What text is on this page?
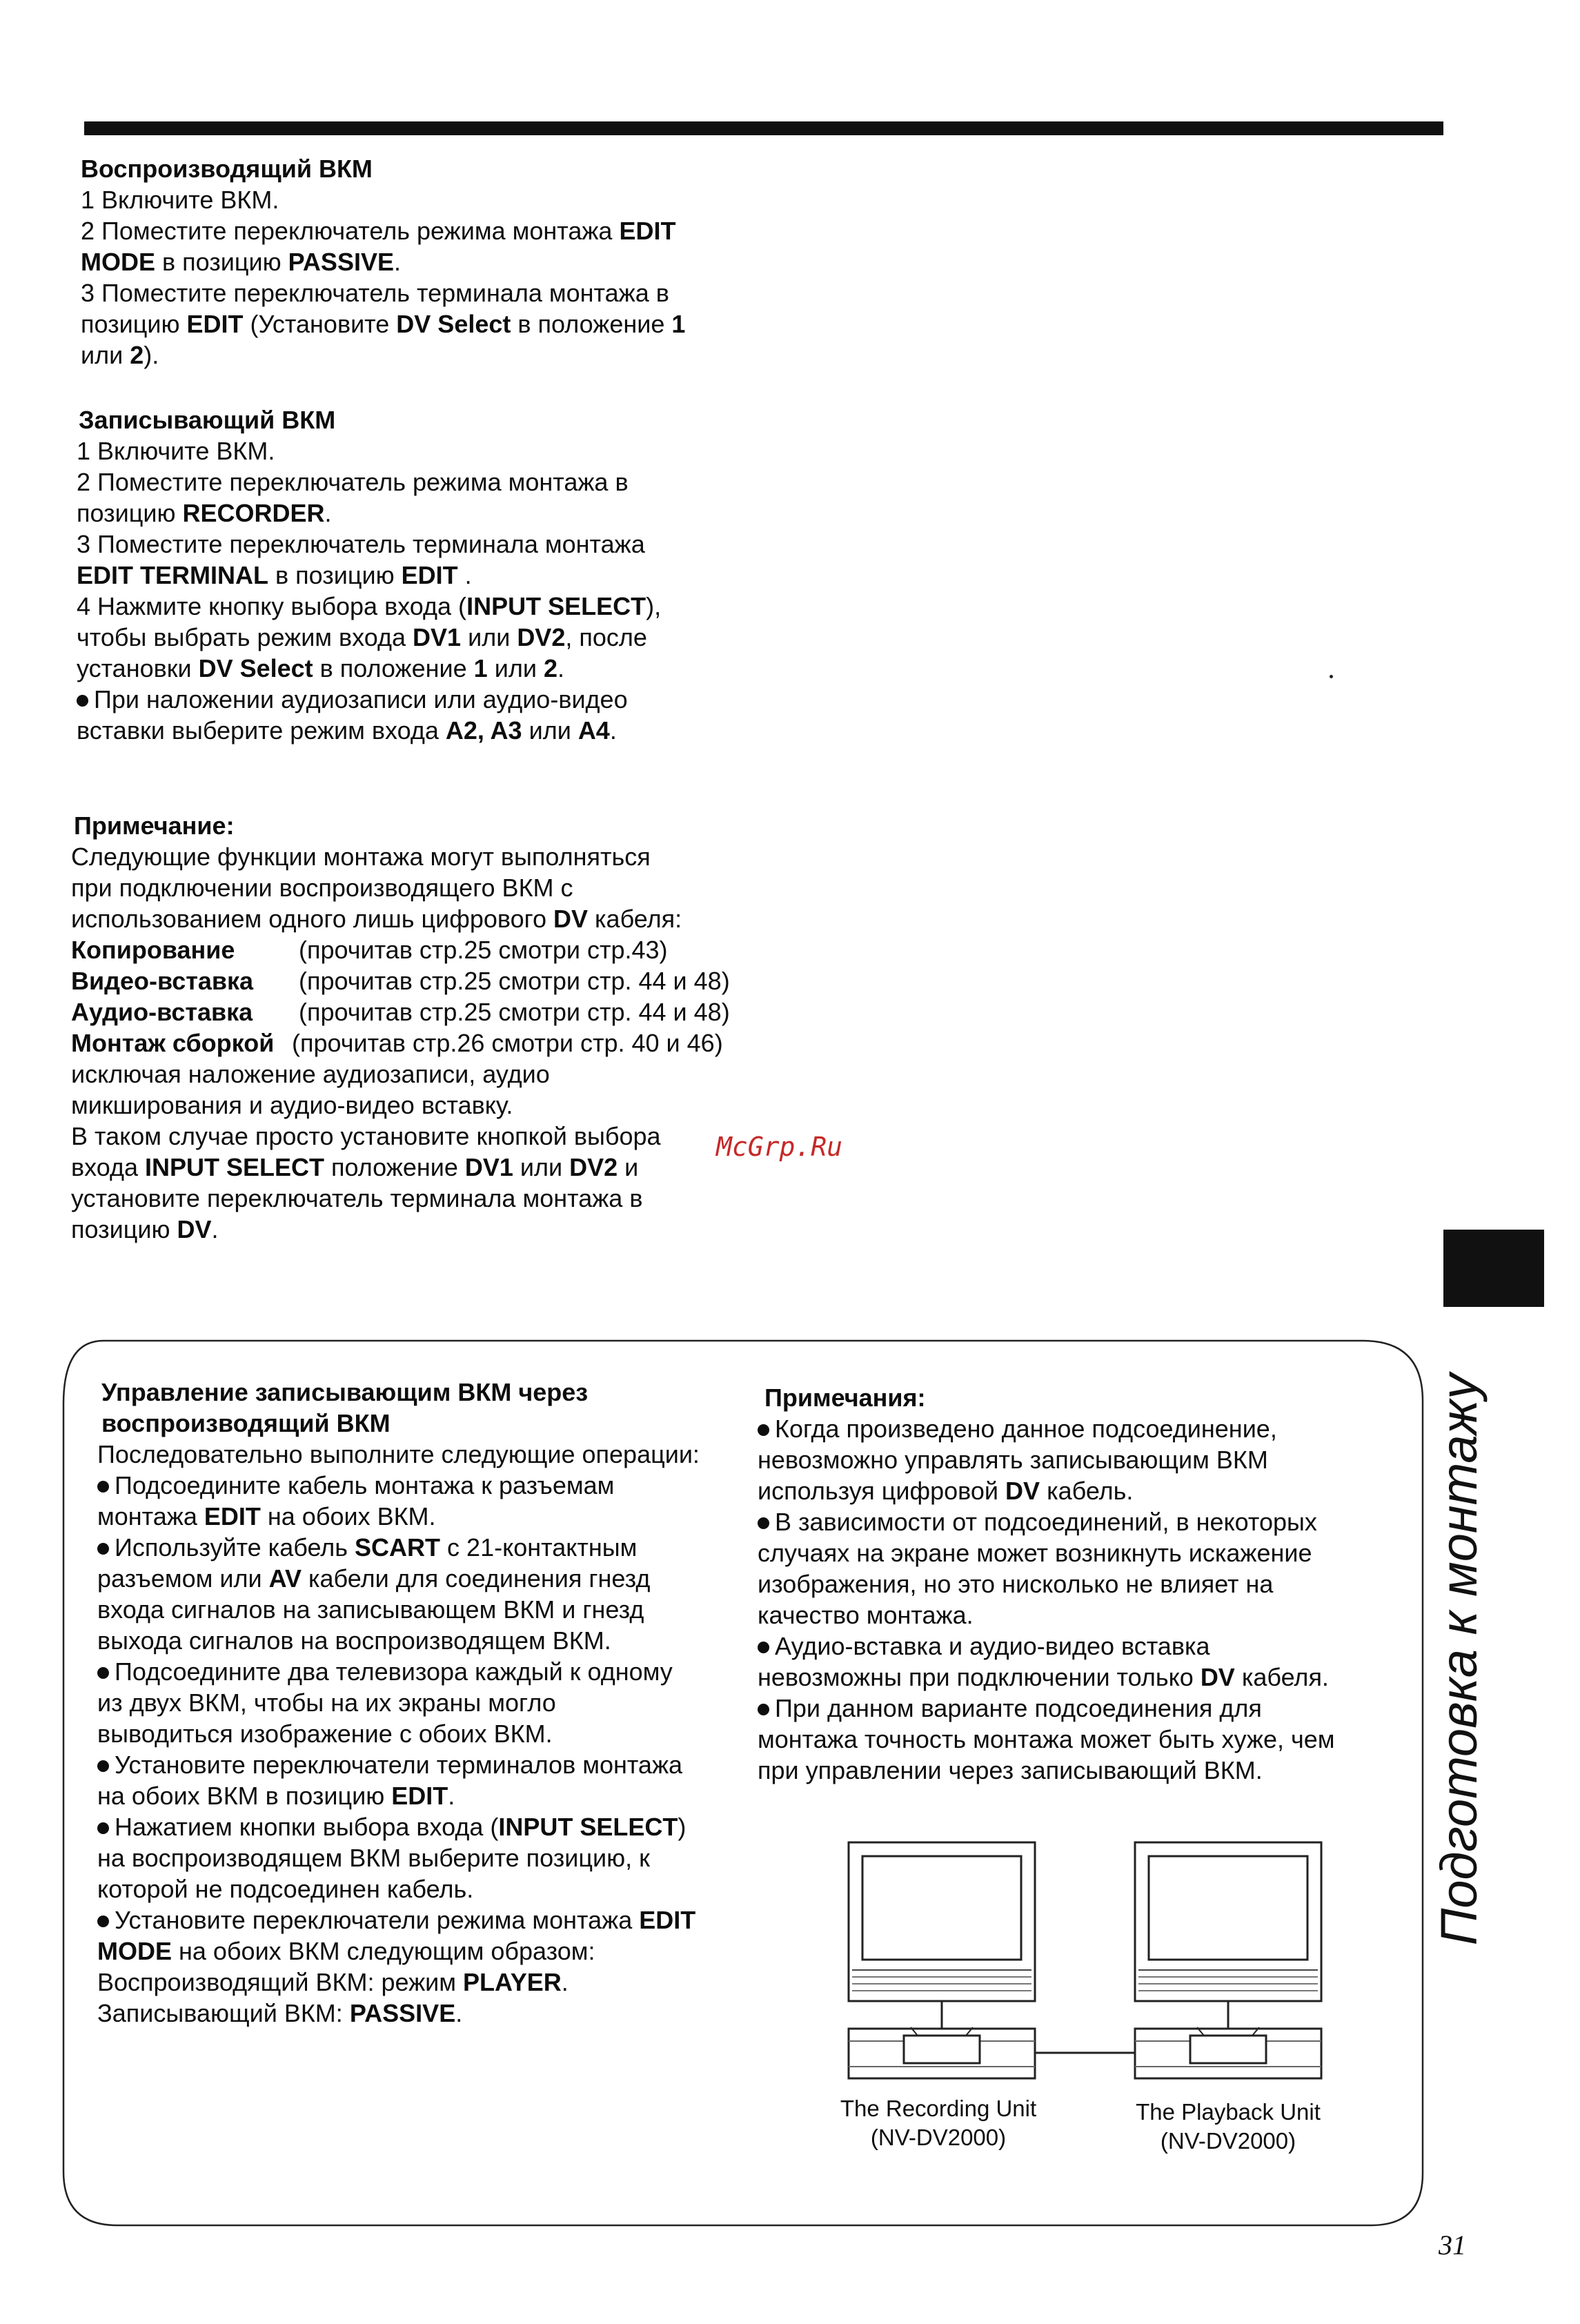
Воспроизводящий ВКМ
1 Включите ВКМ.
2 Поместите переключатель режима монтажа EDIT
MODE в позицию PASSIVE.
3 Поместите переключатель терминала монтажа в
позицию EDIT (Установите DV Select в положение 1
или 2).
Записывающий ВКМ
1 Включите ВКМ.
2 Поместите переключатель режима монтажа в
позицию RECORDER.
3 Поместите переключатель терминала монтажа
EDIT TERMINAL в позицию EDIT .
4 Нажмите кнопку выбора входа (INPUT SELECT),
чтобы выбрать режим входа DV1 или DV2, после
установки DV Select в положение 1 или 2.
При наложении аудиозаписи или аудио-видео
вставки выберите режим входа A2, A3 или A4.
Примечание:
Следующие функции монтажа могут выполняться
при подключении воспроизводящего ВКМ с
использованием одного лишь цифрового DV кабеля:
Копирование	(прочитав стр.25 смотри стр.43)
Видео-вставка (прочитав стр.25 смотри стр. 44 и 48)
Аудио-вставка (прочитав стр.25 смотри стр. 44 и 48)
Монтаж сборкой (прочитав стр.26 смотри стр. 40 и 46)
исключая наложение аудиозаписи, аудио
микширования и аудио-видео вставку.
В таком случае просто установите кнопкой выбора
входа INPUT SELECT положение DV1 или DV2 и
установите переключатель терминала монтажа в
позицию DV.
McGrp.Ru
Подготовка к монтажу
Управление записывающим ВКМ через
воспроизводящий ВКМ
Последовательно выполните следующие операции:
Подсоедините кабель монтажа к разъемам
монтажа EDIT на обоих ВКМ.
Используйте кабель SCART с 21-контактным
разъемом или AV кабели для соединения гнезд
входа сигналов на записывающем ВКМ и гнезд
выхода сигналов на воспроизводящем ВКМ.
Подсоедините два телевизора каждый к одному
из двух ВКМ, чтобы на их экраны могло
выводиться изображение с обоих ВКМ.
Установите переключатели терминалов монтажа
на обоих ВКМ в позицию EDIT.
Нажатием кнопки выбора входа (INPUT SELECT)
на воспроизводящем ВКМ выберите позицию, к
которой не подсоединен кабель.
Установите переключатели режима монтажа EDIT
MODE на обоих ВКМ следующим образом:
Воспроизводящий ВКМ: режим PLAYER.
Записывающий ВКМ: PASSIVE.
Примечания:
Когда произведено данное подсоединение,
невозможно управлять записывающим ВКМ
используя цифровой DV кабель.
В зависимости от подсоединений, в некоторых
случаях на экране может возникнуть искажение
изображения, но это нисколько не влияет на
качество монтажа.
Аудио-вставка и аудио-видео вставка
невозможны при подключении только DV кабеля.
При данном варианте подсоединения для
монтажа точность монтажа может быть хуже, чем
при управлении через записывающий ВКМ.
The Recording Unit
(NV-DV2000)
The Playback Unit
(NV-DV2000)
31
